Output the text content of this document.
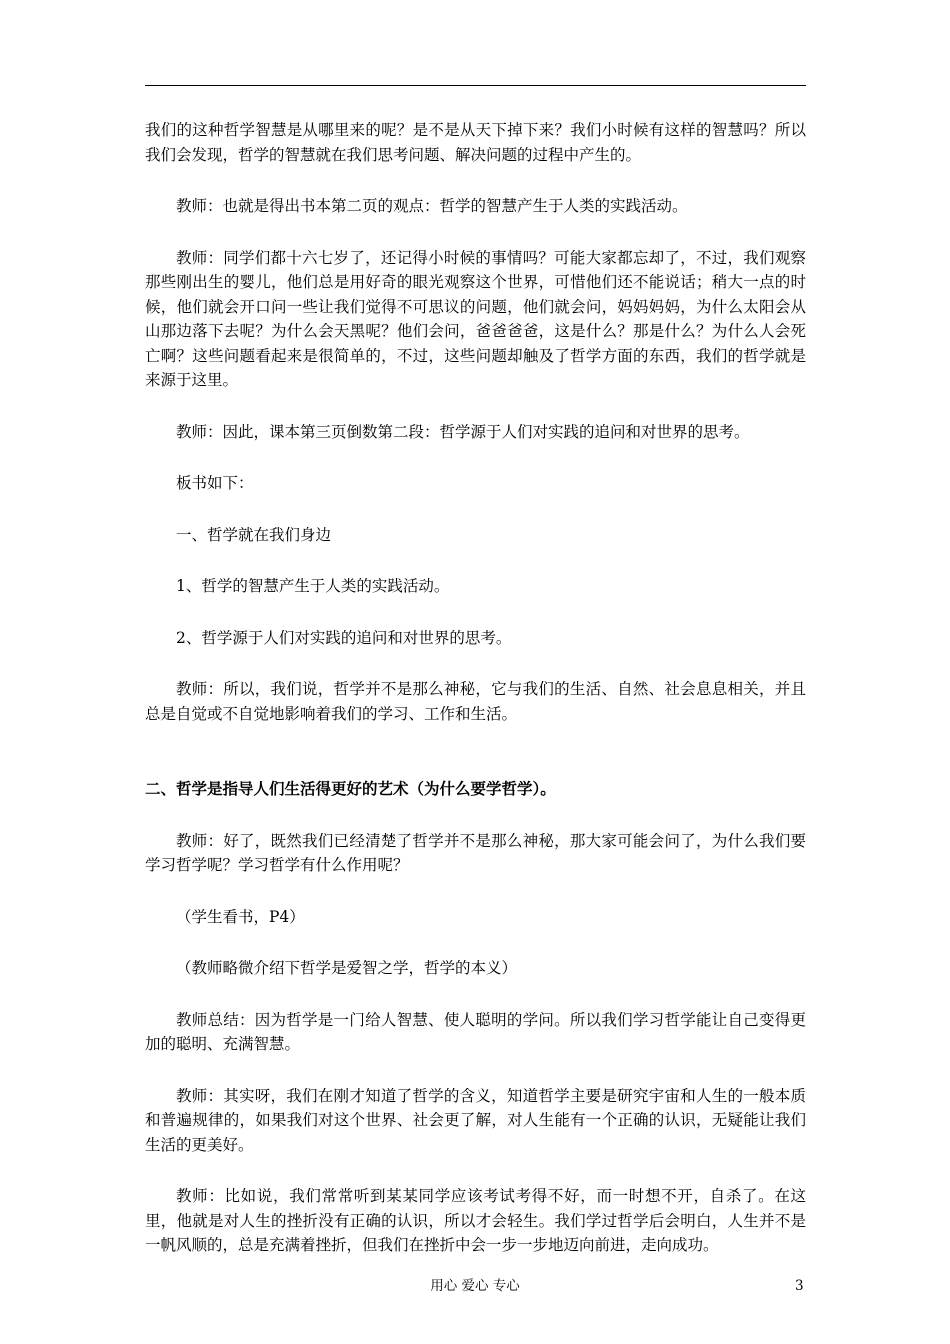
我们的这种哲学智慧是从哪里来的呢？是不是从天下掉下来？我们小时候有这样的智慧吗？所以我们会发现，哲学的智慧就在我们思考问题、解决问题的过程中产生的。

教师：也就是得出书本第二页的观点：哲学的智慧产生于人类的实践活动。

教师：同学们都十六七岁了，还记得小时候的事情吗？可能大家都忘却了，不过，我们观察那些刚出生的婴儿，他们总是用好奇的眼光观察这个世界，可惜他们还不能说话；稍大一点的时候，他们就会开口问一些让我们觉得不可思议的问题，他们就会问，妈妈妈妈，为什么太阳会从山那边落下去呢？为什么会天黑呢？他们会问，爸爸爸爸，这是什么？那是什么？为什么人会死亡啊？这些问题看起来是很简单的，不过，这些问题却触及了哲学方面的东西，我们的哲学就是来源于这里。

教师：因此，课本第三页倒数第二段：哲学源于人们对实践的追问和对世界的思考。

板书如下：

一、哲学就在我们身边

1、哲学的智慧产生于人类的实践活动。

2、哲学源于人们对实践的追问和对世界的思考。

教师：所以，我们说，哲学并不是那么神秘，它与我们的生活、自然、社会息息相关，并且总是自觉或不自觉地影响着我们的学习、工作和生活。

二、哲学是指导人们生活得更好的艺术（为什么要学哲学）。

教师：好了，既然我们已经清楚了哲学并不是那么神秘，那大家可能会问了，为什么我们要学习哲学呢？学习哲学有什么作用呢？

（学生看书，P4）

（教师略微介绍下哲学是爱智之学，哲学的本义）

教师总结：因为哲学是一门给人智慧、使人聪明的学问。所以我们学习哲学能让自己变得更加的聪明、充满智慧。

教师：其实呀，我们在刚才知道了哲学的含义，知道哲学主要是研究宇宙和人生的一般本质和普遍规律的，如果我们对这个世界、社会更了解，对人生能有一个正确的认识，无疑能让我们生活的更美好。

教师：比如说，我们常常听到某某同学应该考试考得不好，而一时想不开，自杀了。在这里，他就是对人生的挫折没有正确的认识，所以才会轻生。我们学过哲学后会明白，人生并不是一帆风顺的，总是充满着挫折，但我们在挫折中会一步一步地迈向前进，走向成功。

用心 爱心 专心	3
